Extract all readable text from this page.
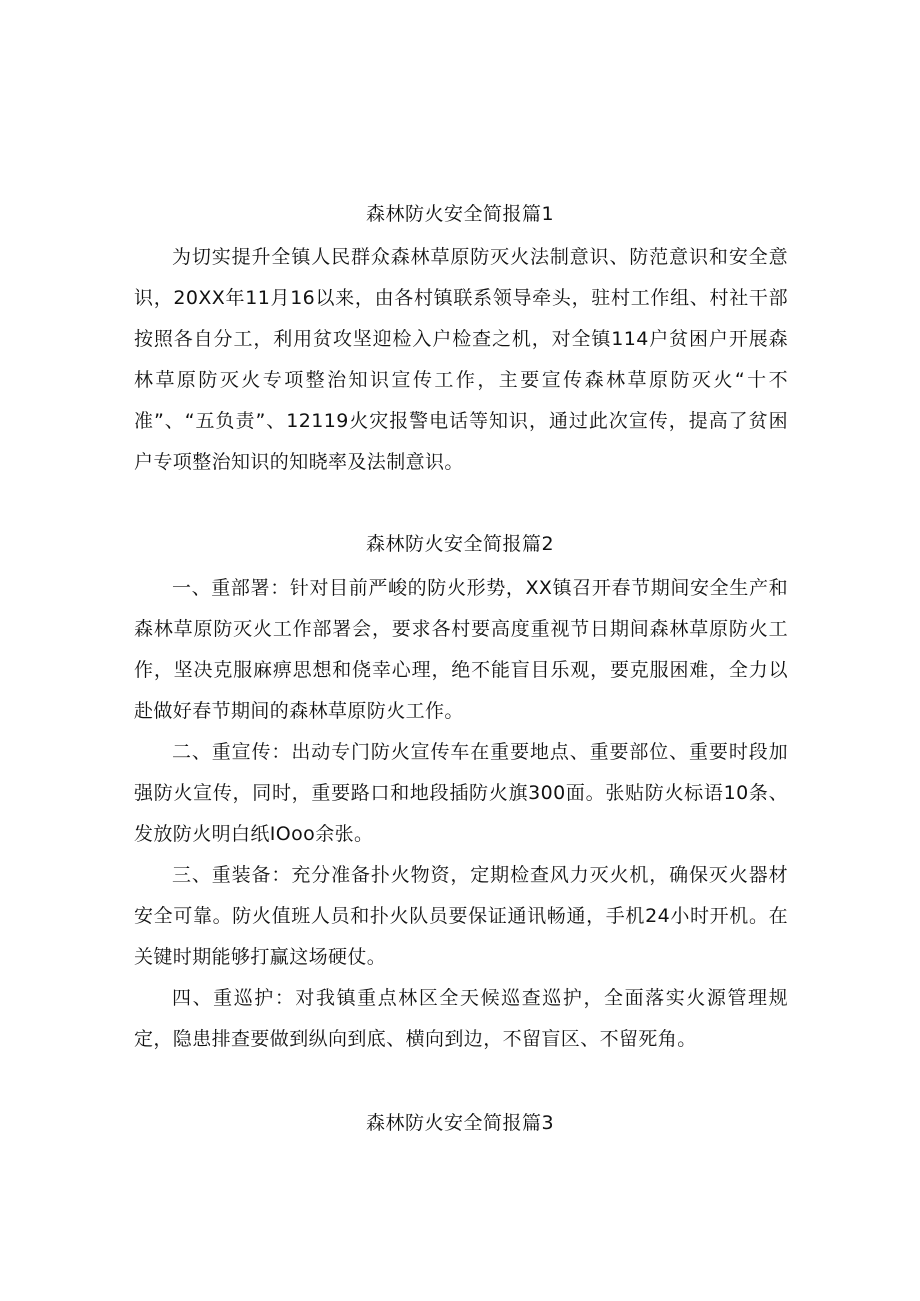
森林防火安全简报篇1

为切实提升全镇人民群众森林草原防灭火法制意识、防范意识和安全意识，20XX年11月16以来，由各村镇联系领导牵头，驻村工作组、村社干部按照各自分工，利用贫攻坚迎检入户检查之机，对全镇114户贫困户开展森林草原防灭火专项整治知识宣传工作，主要宣传森林草原防灭火“十不准”、“五负责”、12119火灾报警电话等知识，通过此次宣传，提高了贫困户专项整治知识的知晓率及法制意识。

森林防火安全简报篇2

一、重部署：针对目前严峻的防火形势，XX镇召开春节期间安全生产和森林草原防灭火工作部署会，要求各村要高度重视节日期间森林草原防火工作，坚决克服麻痹思想和侥幸心理，绝不能盲目乐观，要克服困难，全力以赴做好春节期间的森林草原防火工作。

二、重宣传：出动专门防火宣传车在重要地点、重要部位、重要时段加强防火宣传，同时，重要路口和地段插防火旗300面。张贴防火标语10条、发放防火明白纸IOoo余张。

三、重装备：充分准备扑火物资，定期检查风力灭火机，确保灭火器材安全可靠。防火值班人员和扑火队员要保证通讯畅通，手机24小时开机。在关键时期能够打赢这场硬仗。

四、重巡护：对我镇重点林区全天候巡查巡护，全面落实火源管理规定，隐患排查要做到纵向到底、横向到边，不留盲区、不留死角。

森林防火安全简报篇3
